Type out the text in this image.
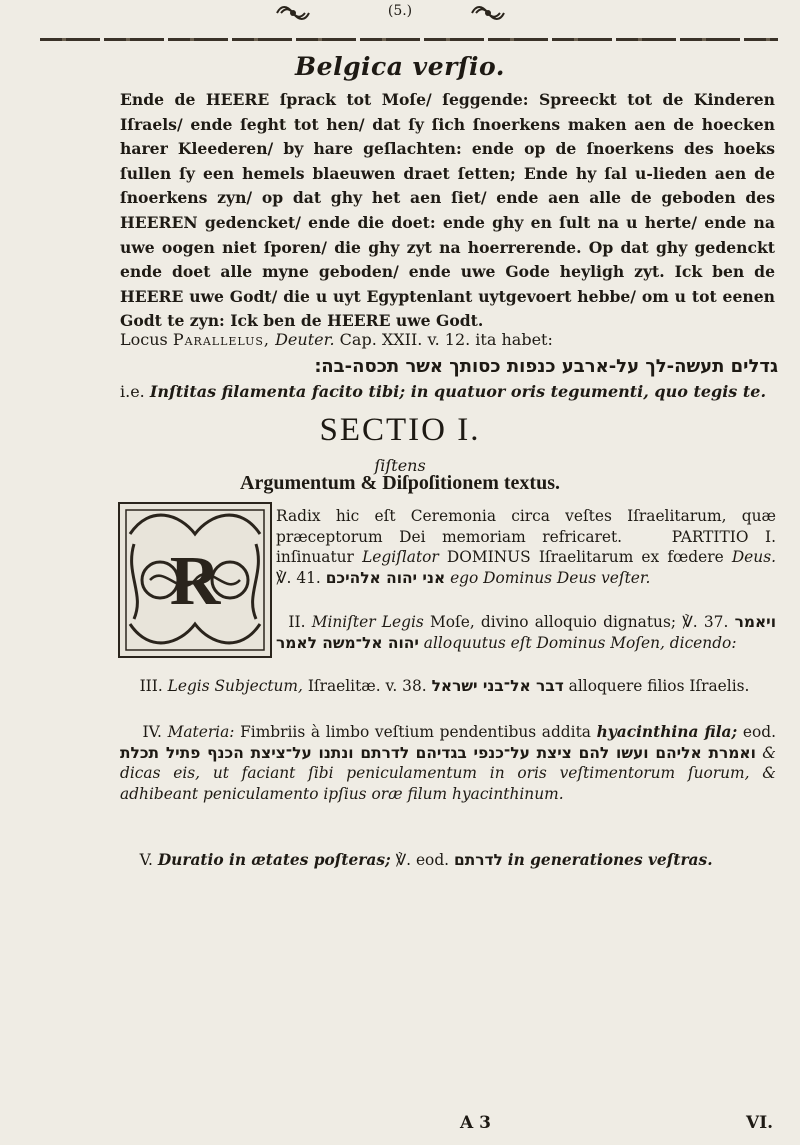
(5.)
Belgica verſio.
Ende de HEERE ſprack tot Moſe/ ſeggende: Spreeckt tot de Kinderen Iſraels/ ende ſeght tot hen/ dat ſy ſich ſnoerkens maken aen de hoecken harer Kleederen/ by hare geſlachten: ende op de ſnoerkens des hoeks ſullen ſy een hemels blaeuwen draet ſetten; Ende hy ſal u-lieden aen de ſnoerkens zyn/ op dat ghy het aen ſiet/ ende aen alle de geboden des HEEREN gedencket/ ende die doet: ende ghy en ſult na u herte/ ende na uwe oogen niet ſporen/ die ghy zyt na hoerrerende. Op dat ghy gedenckt ende doet alle myne geboden/ ende uwe Gode heyligh zyt. Ick ben de HEERE uwe Godt/ die u uyt Egyptenlant uytgevoert hebbe/ om u tot eenen Godt te zyn: Ick ben de HEERE uwe Godt.
Locus Parallelus, Deuter. Cap. XXII. v. 12. ita habet:
גדלים תעשה-לך על-ארבע כנפות כסותך אשר תכסה-בה׃
i.e. Inſtitas filamenta facito tibi; in quatuor oris tegumenti, quo tegis te.
SECTIO I.
ſiſtens
Argumentum & Diſpoſitionem textus.
R
Radix hic eſt Ceremonia circa veſtes Iſraelitarum, quæ præceptorum Dei memoriam refricaret.	PARTITIO I. inſinuatur Legiſlator DOMINUS Iſraelitarum ex fœdere Deus. ℣. 41. אני יהוה אלהיכם ego Dominus Deus veſter.
II. Miniſter Legis Moſe, divino alloquio dignatus; ℣. 37. ויאמר יהוה אל־משה לאמר alloquutus eſt Dominus Moſen, dicendo:
III. Legis Subjectum, Iſraelitæ. v. 38. דבר אל־בני ישראל alloquere filios Iſraelis.
IV. Materia: Fimbriis à limbo veſtium pendentibus addita hyacinthina fila; eod. ואמרת אליהם ועשו להם ציצת על־כנפי בגדיהם לדרתם ונתנו על־ציצת הכנף פתיל תכלת	& dicas eis, ut faciant ſibi peniculamentum in oris veſtimentorum ſuorum, & adhibeant peniculamento ipſius oræ filum hyacinthinum.
V. Duratio in ætates poſteras; ℣. eod. לדרתם in generationes veſtras.
A 3	VI.
